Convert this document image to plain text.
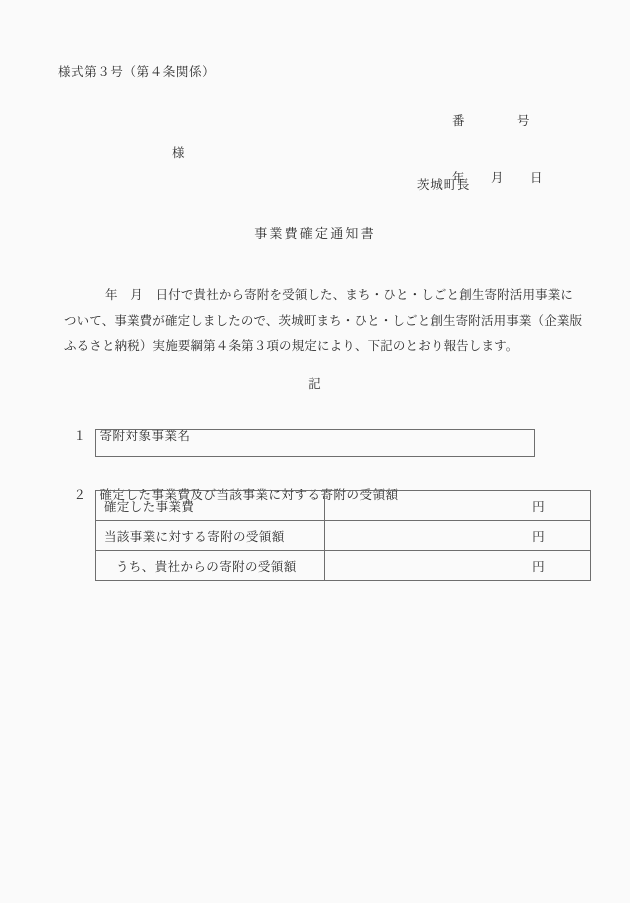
様式第３号（第４条関係）

番　　　　号

年　　月　　日

様
茨城町長
事業費確定通知書
年　月　日付で貴社から寄附を受領した、まち・ひと・しごと創生寄附活用事業に
ついて、事業費が確定しましたので、茨城町まち・ひと・しごと創生寄附活用事業（企業版
ふるさと納税）実施要綱第４条第３項の規定により、下記のとおり報告します。
記

１ 寄附対象事業名

２ 確定した事業費及び当該事業に対する寄附の受領額

確定した事業費	円
当該事業に対する寄附の受領額	円
うち、貴社からの寄附の受領額	円
